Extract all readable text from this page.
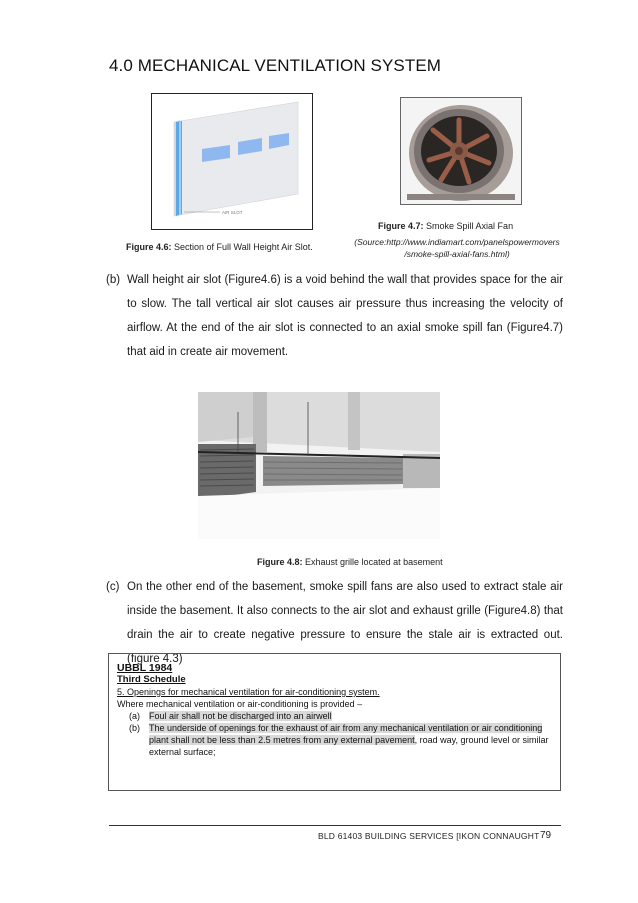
4.0 MECHANICAL VENTILATION SYSTEM
AIR SLOT
Figure 4.7: Smoke Spill Axial Fan
(Source:http://www.indiamart.com/panelspowermovers
/smoke-spill-axial-fans.html)
Figure 4.6: Section of Full Wall Height Air Slot.
(b) Wall height air slot (Figure4.6) is a void behind the wall that provides space for the air to slow. The tall vertical air slot causes air pressure thus increasing the velocity of airflow. At the end of the air slot is connected to an axial smoke spill fan (Figure4.7) that aid in create air movement.

Figure 4.8: Exhaust grille located at basement
(c) On the other end of the basement, smoke spill fans are also used to extract stale air inside the basement. It also connects to the air slot and exhaust grille (Figure4.8) that drain the air to create negative pressure to ensure the stale air is extracted out. (figure 4.3)

UBBL 1984
Third Schedule
5. Openings for mechanical ventilation for air-conditioning system.
Where mechanical ventilation or air-conditioning is provided –
(a) Foul air shall not be discharged into an airwell
(b) The underside of openings for the exhaust of air from any mechanical ventilation or air conditioning plant shall not be less than 2.5 metres from any external pavement, road way, ground level or similar external surface;
BLD 61403 BUILDING SERVICES [IKON CONNAUGHT 79
